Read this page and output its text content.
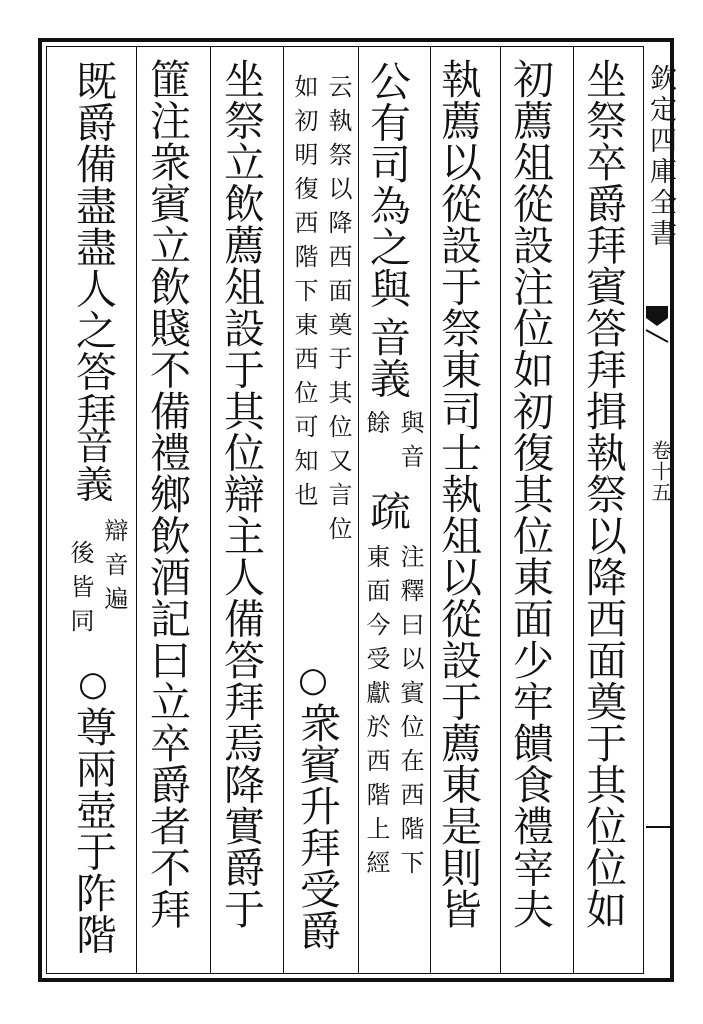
欽定四庫全書
卷十五
坐祭卒爵拜賓答拜揖執祭以降西面奠于其位位如
初薦俎從設注位如初復其位東面少牢饋食禮宰夫
執薦以從設于祭東司士執俎以從設于薦東是則皆
公有司為之與
音義
與音
餘
疏
注釋曰以賓位在西階下
東面今受獻於西階上經
云執祭以降西面奠于其位又言位
如初明復西階下東西位可知也
○
衆賓升拜受爵
坐祭立飲薦俎設于其位辯主人備答拜焉降實爵于
篚注衆賓立飲賤不備禮鄉飲酒記曰立卒爵者不拜
既爵備盡盡人之答拜
音義
辯音遍
後皆同
○
尊兩壺于阼階
